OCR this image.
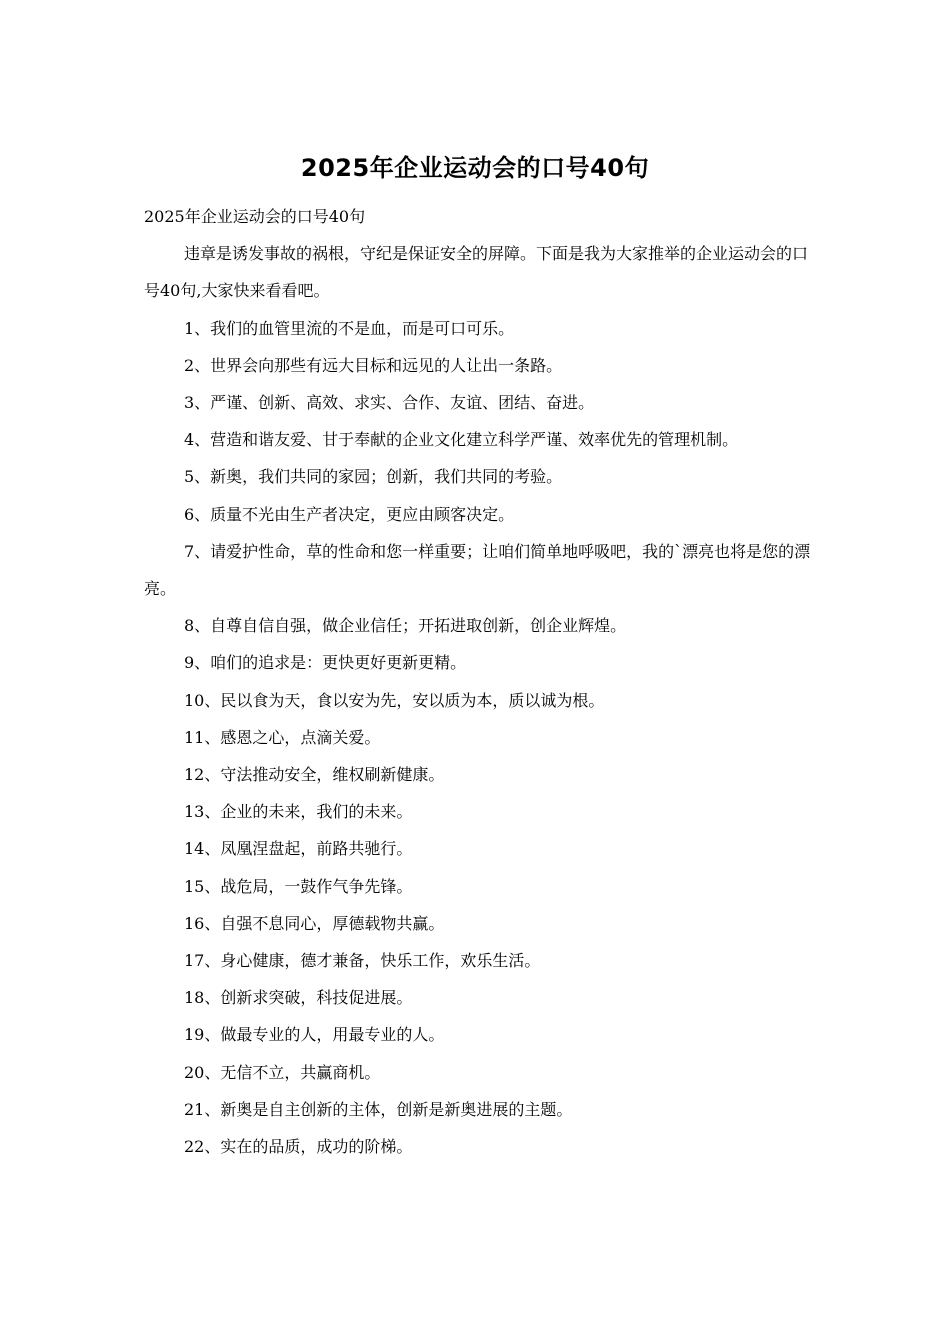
2025年企业运动会的口号40句

2025年企业运动会的口号40句

违章是诱发事故的祸根，守纪是保证安全的屏障。下面是我为大家推举的企业运动会的口号40句,大家快来看看吧。

1、我们的血管里流的不是血，而是可口可乐。

2、世界会向那些有远大目标和远见的人让出一条路。

3、严谨、创新、高效、求实、合作、友谊、团结、奋进。

4、营造和谐友爱、甘于奉献的企业文化建立科学严谨、效率优先的管理机制。

5、新奥，我们共同的家园；创新，我们共同的考验。

6、质量不光由生产者决定，更应由顾客决定。

7、请爱护性命，草的性命和您一样重要；让咱们简单地呼吸吧，我的`漂亮也将是您的漂亮。

8、自尊自信自强，做企业信任；开拓进取创新，创企业辉煌。

9、咱们的追求是：更快更好更新更精。

10、民以食为天，食以安为先，安以质为本，质以诚为根。

11、感恩之心，点滴关爱。

12、守法推动安全，维权刷新健康。

13、企业的未来，我们的未来。

14、凤凰涅盘起，前路共驰行。

15、战危局，一鼓作气争先锋。

16、自强不息同心，厚德载物共赢。

17、身心健康，德才兼备，快乐工作，欢乐生活。

18、创新求突破，科技促进展。

19、做最专业的人，用最专业的人。

20、无信不立，共赢商机。

21、新奥是自主创新的主体，创新是新奥进展的主题。

22、实在的品质，成功的阶梯。
